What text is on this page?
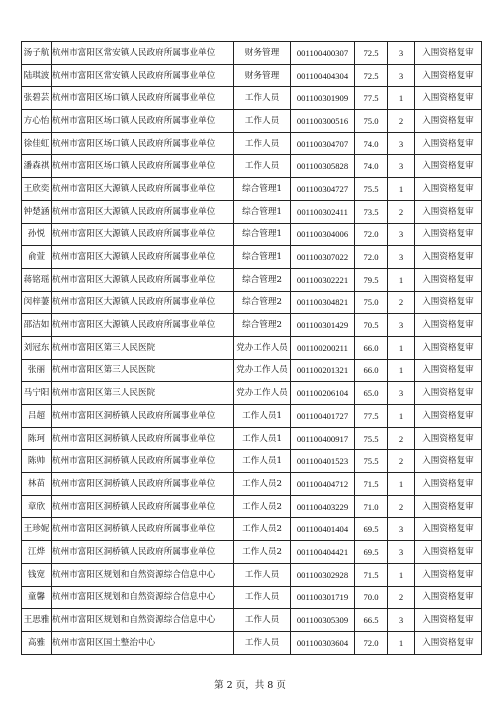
汤子航	杭州市富阳区常安镇人民政府所属事业单位	财务管理	001100400307	72.5	3	入围资格复审
陆琪波	杭州市富阳区常安镇人民政府所属事业单位	财务管理	001100404304	72.5	3	入围资格复审
张碧芸	杭州市富阳区场口镇人民政府所属事业单位	工作人员	001100301909	77.5	1	入围资格复审
方心怡	杭州市富阳区场口镇人民政府所属事业单位	工作人员	001100300516	75.0	2	入围资格复审
徐佳虹	杭州市富阳区场口镇人民政府所属事业单位	工作人员	001100304707	74.0	3	入围资格复审
潘森祺	杭州市富阳区场口镇人民政府所属事业单位	工作人员	001100305828	74.0	3	入围资格复审
王欣奕	杭州市富阳区大源镇人民政府所属事业单位	综合管理1	001100304727	75.5	1	入围资格复审
钟楚涵	杭州市富阳区大源镇人民政府所属事业单位	综合管理1	001100302411	73.5	2	入围资格复审
孙悦	杭州市富阳区大源镇人民政府所属事业单位	综合管理1	001100304006	72.0	3	入围资格复审
俞萱	杭州市富阳区大源镇人民政府所属事业单位	综合管理1	001100307022	72.0	3	入围资格复审
蒋铭瑶	杭州市富阳区大源镇人民政府所属事业单位	综合管理2	001100302221	79.5	1	入围资格复审
闵梓萋	杭州市富阳区大源镇人民政府所属事业单位	综合管理2	001100304821	75.0	2	入围资格复审
邵洁如	杭州市富阳区大源镇人民政府所属事业单位	综合管理2	001100301429	70.5	3	入围资格复审
刘冠东	杭州市富阳区第三人民医院	党办工作人员	001100200211	66.0	1	入围资格复审
张丽	杭州市富阳区第三人民医院	党办工作人员	001100201321	66.0	1	入围资格复审
马宁阳	杭州市富阳区第三人民医院	党办工作人员	001100206104	65.0	3	入围资格复审
吕超	杭州市富阳区洞桥镇人民政府所属事业单位	工作人员1	001100401727	77.5	1	入围资格复审
陈珂	杭州市富阳区洞桥镇人民政府所属事业单位	工作人员1	001100400917	75.5	2	入围资格复审
陈帅	杭州市富阳区洞桥镇人民政府所属事业单位	工作人员1	001100401523	75.5	2	入围资格复审
林苗	杭州市富阳区洞桥镇人民政府所属事业单位	工作人员2	001100404712	71.5	1	入围资格复审
章欣	杭州市富阳区洞桥镇人民政府所属事业单位	工作人员2	001100403229	71.0	2	入围资格复审
王珍妮	杭州市富阳区洞桥镇人民政府所属事业单位	工作人员2	001100401404	69.5	3	入围资格复审
江烨	杭州市富阳区洞桥镇人民政府所属事业单位	工作人员2	001100404421	69.5	3	入围资格复审
钱宽	杭州市富阳区规划和自然资源综合信息中心	工作人员	001100302928	71.5	1	入围资格复审
童馨	杭州市富阳区规划和自然资源综合信息中心	工作人员	001100301719	70.0	2	入围资格复审
王思雅	杭州市富阳区规划和自然资源综合信息中心	工作人员	001100305309	66.5	3	入围资格复审
高雅	杭州市富阳区国土整治中心	工作人员	001100303604	72.0	1	入围资格复审
第 2 页，共 8 页
